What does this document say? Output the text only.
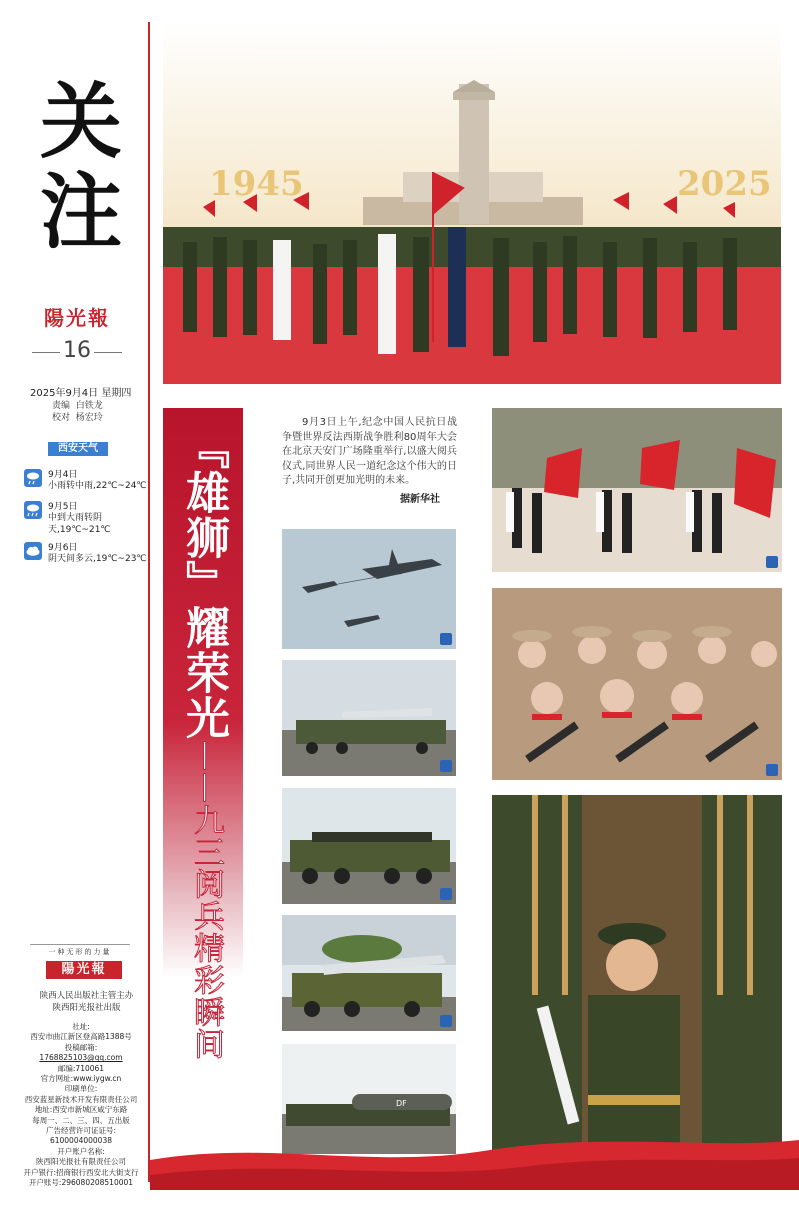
关
注
陽光報
16
2025年9月4日 星期四
责编 白铁龙
校对 杨宏玲
西安天气
9月4日
小雨转中雨,22℃~24℃
9月5日
中到大雨转阴天,19℃~21℃
9月6日
阴天间多云,19℃~23℃
一种无形的力量
陽光報
陕西人民出版社主管主办
陕西阳光报社出版
社址:
西安市曲江新区登高路1388号
投稿邮箱:
1768825103@qq.com
邮编:710061
官方网址:www.iygw.cn
印刷单位:
西安蓝星新技术开发有限责任公司
地址:西安市新城区咸宁东路
每周一、二、三、四、五出版
广告经营许可证证号:
6100004000038
开户账户名称:
陕西阳光报社有限责任公司
开户银行:招商银行西安北大街支行
开户账号:296080208510001
1945	2025
『雄狮』耀荣光
——九三阅兵精彩瞬间
9月3日上午,纪念中国人民抗日战争暨世界反法西斯战争胜利80周年大会在北京天安门广场隆重举行,以盛大阅兵仪式,同世界人民一道纪念这个伟大的日子,共同开创更加光明的未来。
据新华社
DF
